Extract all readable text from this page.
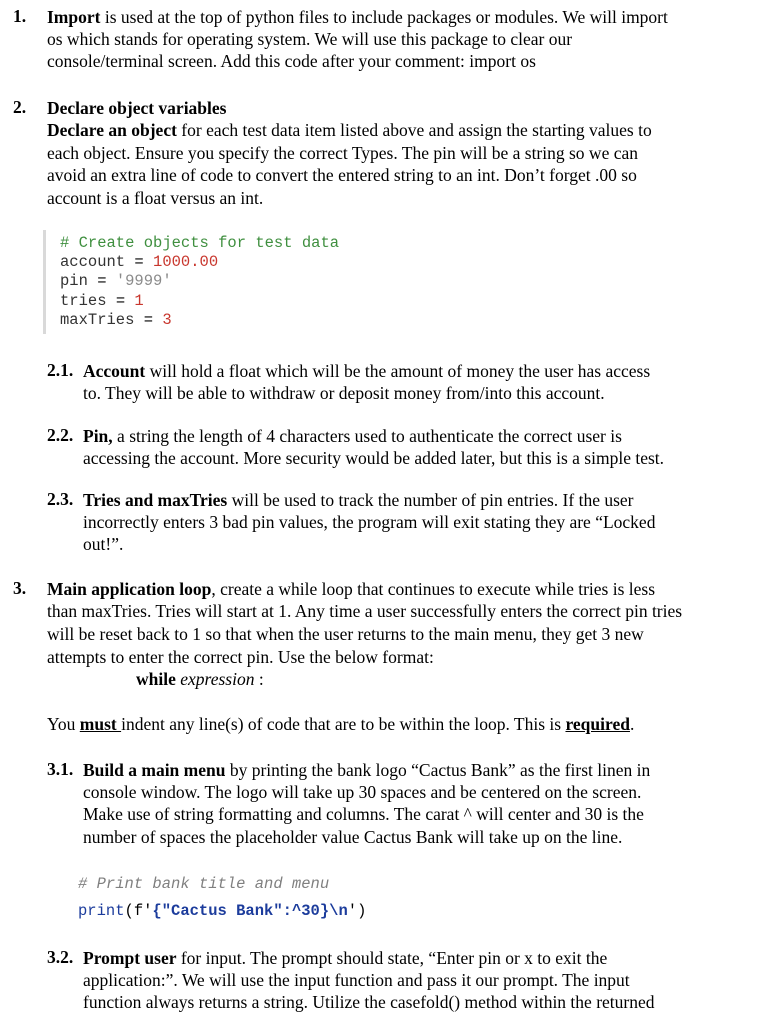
1. Import is used at the top of python files to include packages or modules. We will import

os which stands for operating system. We will use this package to clear our

console/terminal screen. Add this code after your comment: import os

2. Declare object variables

Declare an object for each test data item listed above and assign the starting values to

each object. Ensure you specify the correct Types. The pin will be a string so we can

avoid an extra line of code to convert the entered string to an int. Don’t forget .00 so

account is a float versus an int.

# Create objects for test data
account = 1000.00
pin = '9999'
tries = 1
maxTries = 3
2.1. Account will hold a float which will be the amount of money the user has access

to. They will be able to withdraw or deposit money from/into this account.

2.2. Pin, a string the length of 4 characters used to authenticate the correct user is

accessing the account. More security would be added later, but this is a simple test.

2.3. Tries and maxTries will be used to track the number of pin entries. If the user

incorrectly enters 3 bad pin values, the program will exit stating they are “Locked

out!”.

3. Main application loop, create a while loop that continues to execute while tries is less

than maxTries. Tries will start at 1. Any time a user successfully enters the correct pin tries

will be reset back to 1 so that when the user returns to the main menu, they get 3 new

attempts to enter the correct pin. Use the below format:

while expression :

You must indent any line(s) of code that are to be within the loop. This is required.

3.1. Build a main menu by printing the bank logo “Cactus Bank” as the first linen in

console window. The logo will take up 30 spaces and be centered on the screen.

Make use of string formatting and columns. The carat ^ will center and 30 is the

number of spaces the placeholder value Cactus Bank will take up on the line.

# Print bank title and menu
print(f'{"Cactus Bank":^30}\n')
3.2. Prompt user for input. The prompt should state, “Enter pin or x to exit the

application:”. We will use the input function and pass it our prompt. The input

function always returns a string. Utilize the casefold() method within the returned
